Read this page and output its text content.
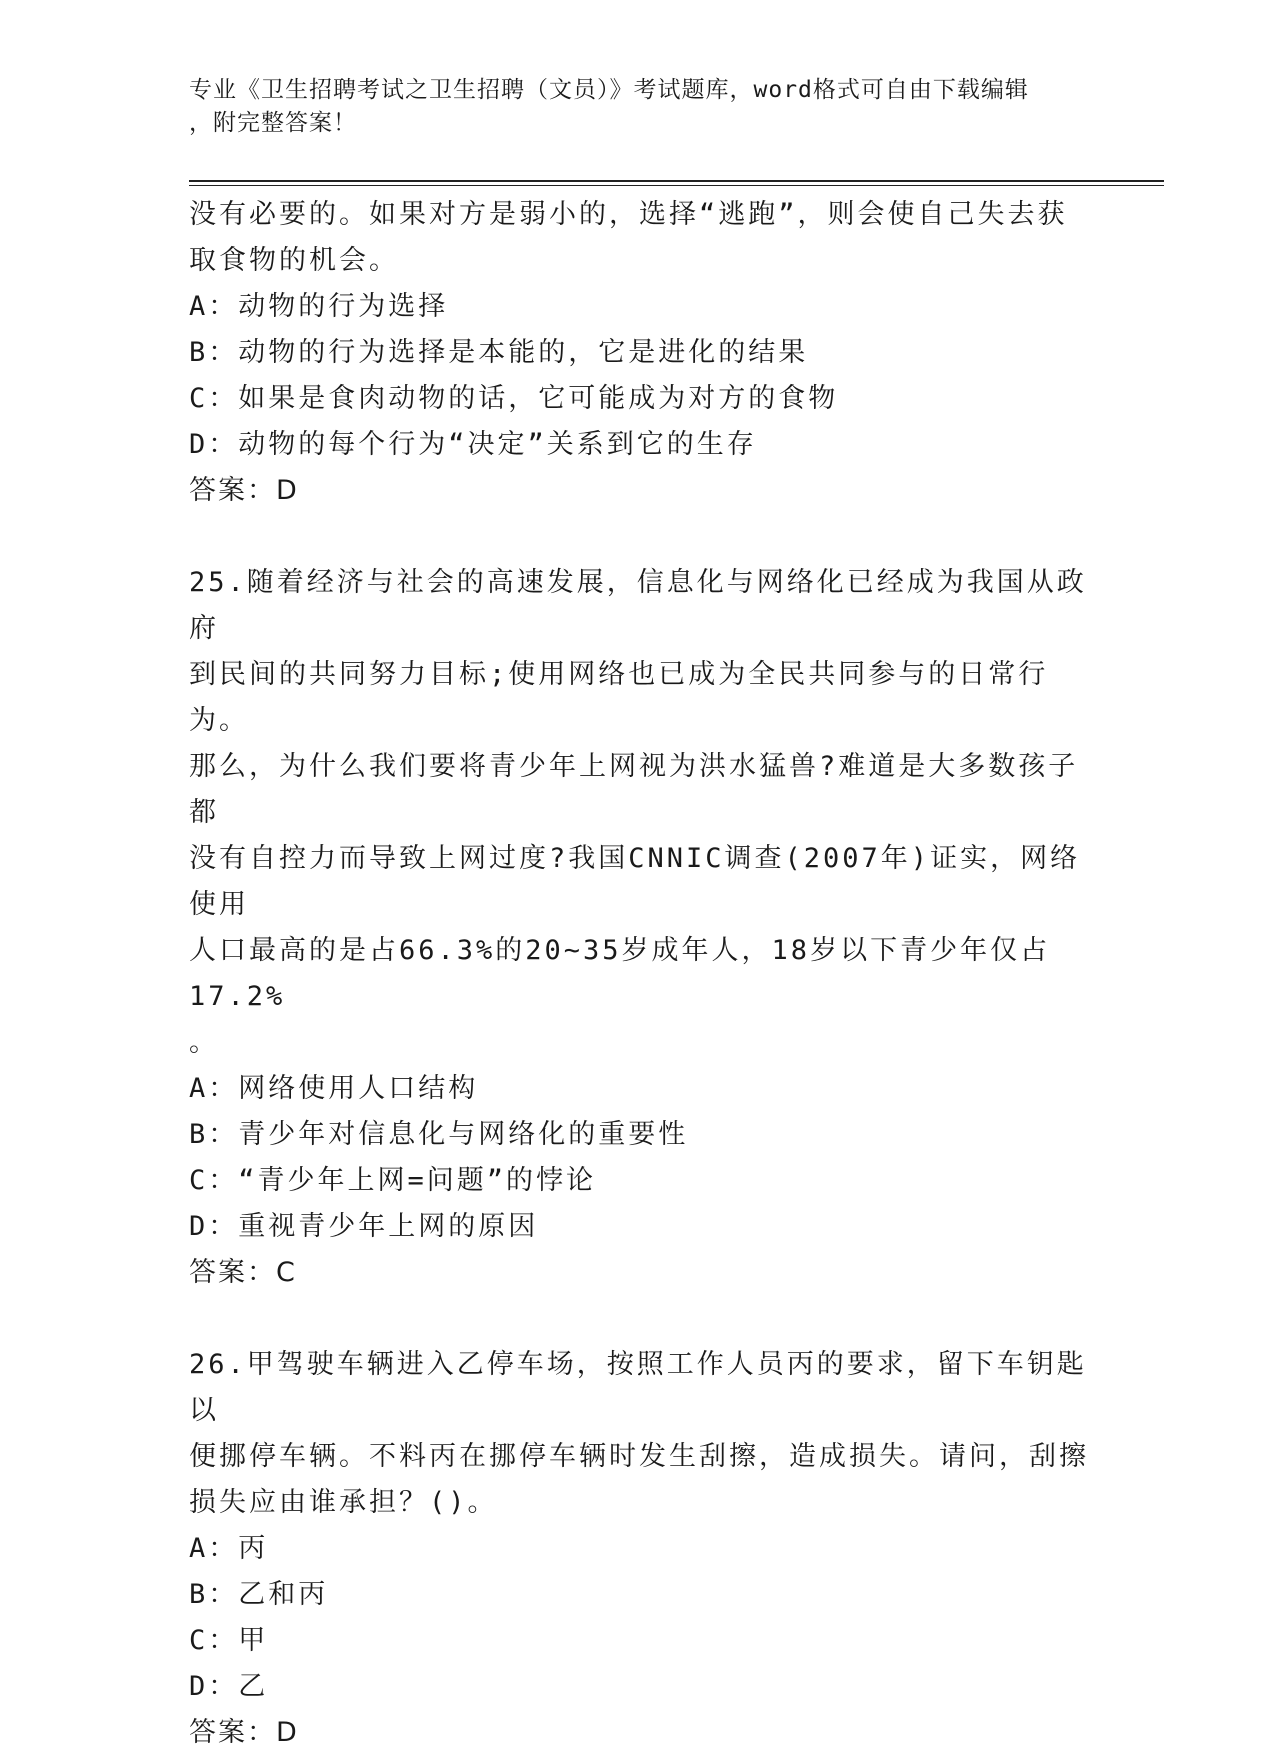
专业《卫生招聘考试之卫生招聘（文员）》考试题库，word格式可自由下载编辑
，附完整答案！

没有必要的。如果对方是弱小的，选择“逃跑”，则会使自己失去获

取食物的机会。

A：动物的行为选择

B：动物的行为选择是本能的，它是进化的结果

C：如果是食肉动物的话，它可能成为对方的食物

D：动物的每个行为“决定”关系到它的生存

答案：D

25.随着经济与社会的高速发展，信息化与网络化已经成为我国从政府

到民间的共同努力目标;使用网络也已成为全民共同参与的日常行为。

那么，为什么我们要将青少年上网视为洪水猛兽?难道是大多数孩子都

没有自控力而导致上网过度?我国CNNIC调查(2007年)证实，网络使用

人口最高的是占66.3%的20~35岁成年人，18岁以下青少年仅占17.2%

。

A：网络使用人口结构

B：青少年对信息化与网络化的重要性

C：“青少年上网=问题”的悖论

D：重视青少年上网的原因

答案：C

26.甲驾驶车辆进入乙停车场，按照工作人员丙的要求，留下车钥匙以

便挪停车辆。不料丙在挪停车辆时发生刮擦，造成损失。请问，刮擦

损失应由谁承担？()。

A：丙

B：乙和丙

C：甲

D：乙

答案：D
